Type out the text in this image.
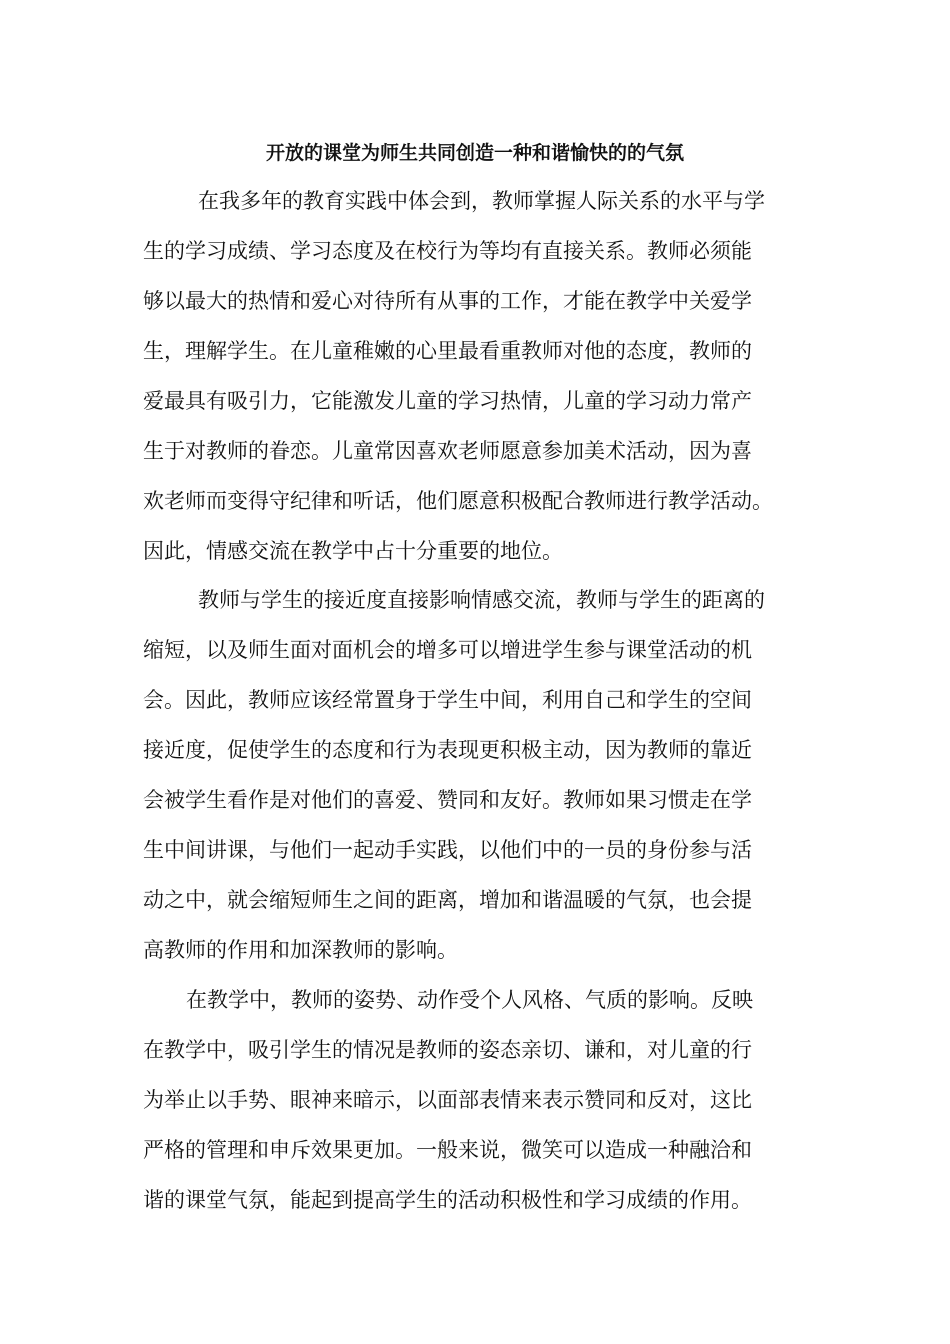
开放的课堂为师生共同创造一种和谐愉快的的气氛

在我多年的教育实践中体会到，教师掌握人际关系的水平与学

生的学习成绩、学习态度及在校行为等均有直接关系。教师必须能

够以最大的热情和爱心对待所有从事的工作，才能在教学中关爱学

生，理解学生。在儿童稚嫩的心里最看重教师对他的态度，教师的

爱最具有吸引力，它能激发儿童的学习热情，儿童的学习动力常产

生于对教师的眷恋。儿童常因喜欢老师愿意参加美术活动，因为喜

欢老师而变得守纪律和听话，他们愿意积极配合教师进行教学活动。

因此，情感交流在教学中占十分重要的地位。

教师与学生的接近度直接影响情感交流，教师与学生的距离的

缩短，以及师生面对面机会的增多可以增进学生参与课堂活动的机

会。因此，教师应该经常置身于学生中间，利用自己和学生的空间

接近度，促使学生的态度和行为表现更积极主动，因为教师的靠近

会被学生看作是对他们的喜爱、赞同和友好。教师如果习惯走在学

生中间讲课，与他们一起动手实践，以他们中的一员的身份参与活

动之中，就会缩短师生之间的距离，增加和谐温暖的气氛，也会提

高教师的作用和加深教师的影响。

在教学中，教师的姿势、动作受个人风格、气质的影响。反映

在教学中，吸引学生的情况是教师的姿态亲切、谦和，对儿童的行

为举止以手势、眼神来暗示，以面部表情来表示赞同和反对，这比

严格的管理和申斥效果更加。一般来说，微笑可以造成一种融洽和

谐的课堂气氛，能起到提高学生的活动积极性和学习成绩的作用。
